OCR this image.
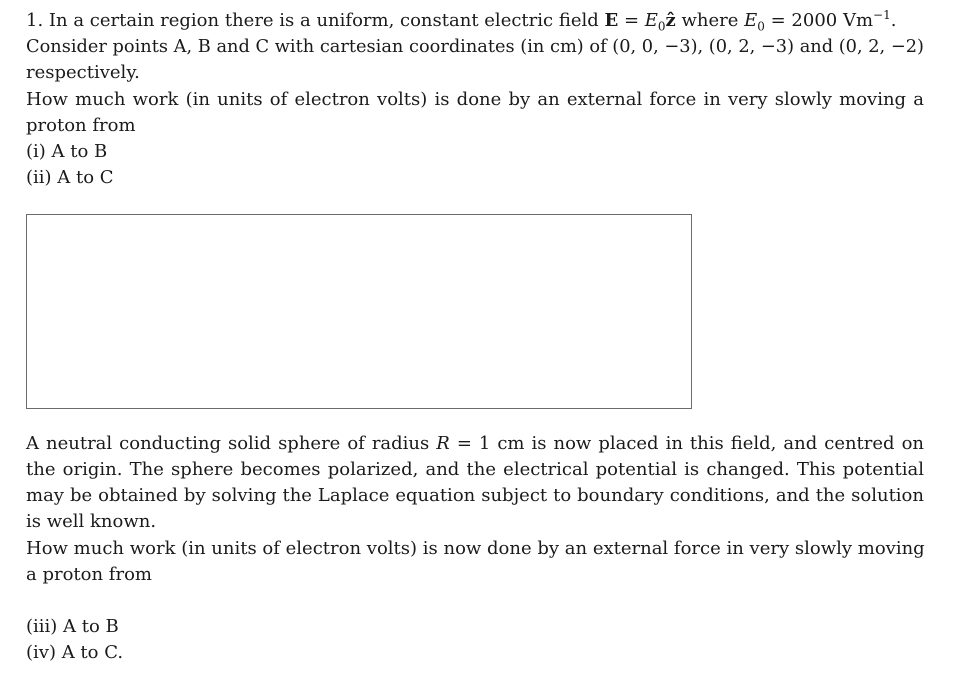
1. In a certain region there is a uniform, constant electric field $E = E_0ẑ$ where $E_0 = 2000$ $Vm^{-1}$.
Consider points A, B and C with cartesian coordinates (in cm) of (0, 0, −3), (0, 2, −3) and (0, 2, −2)
respectively.
How much work (in units of electron volts) is done by an external force in very slowly moving a
proton from
(i) A to B
(ii) A to C
A neutral conducting solid sphere of radius R = 1 cm is now placed in this field, and centred on
the origin. The sphere becomes polarized, and the electrical potential is changed. This potential
may be obtained by solving the Laplace equation subject to boundary conditions, and the solution
is well known.
How much work (in units of electron volts) is now done by an external force in very slowly moving
a proton from
(iii) A to B
(iv) A to C.
